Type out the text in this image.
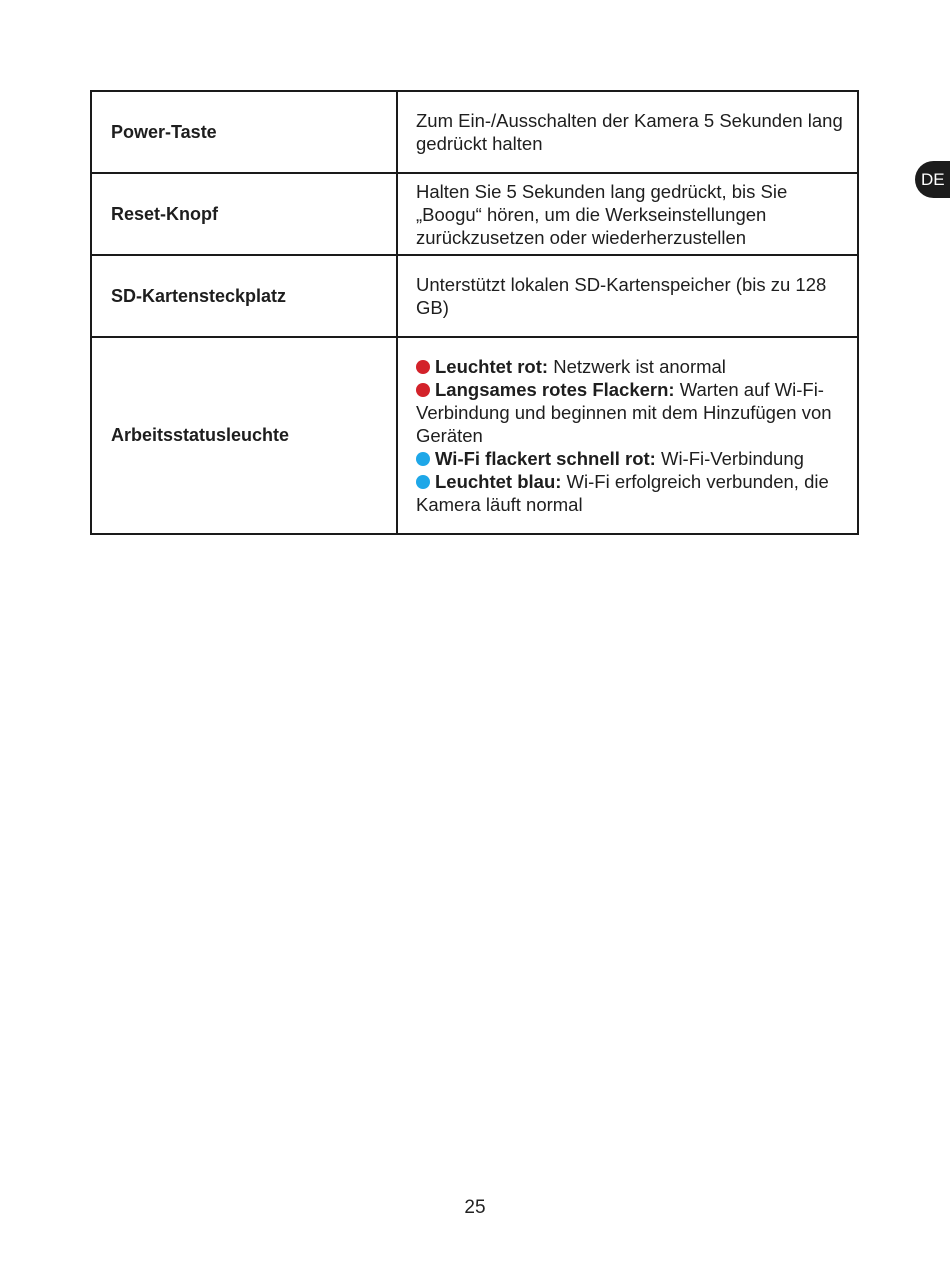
DE
Power-Taste	Zum Ein-/Ausschalten der Kamera 5 Sekunden lang gedrückt halten
Reset-Knopf	Halten Sie 5 Sekunden lang gedrückt, bis Sie „Boogu“ hören, um die Werkseinstellungen zurückzusetzen oder wiederherzustellen
SD-Kartensteckplatz	Unterstützt lokalen SD-Kartenspeicher (bis zu 128 GB)
Arbeitsstatusleuchte	Leuchtet rot: Netzwerk ist anormal
Langsames rotes Flackern: Warten auf Wi-Fi-Verbindung und beginnen mit dem Hinzufügen von Geräten
Wi-Fi flackert schnell rot: Wi-Fi-Verbindung
Leuchtet blau: Wi-Fi erfolgreich verbunden, die Kamera läuft normal
25
